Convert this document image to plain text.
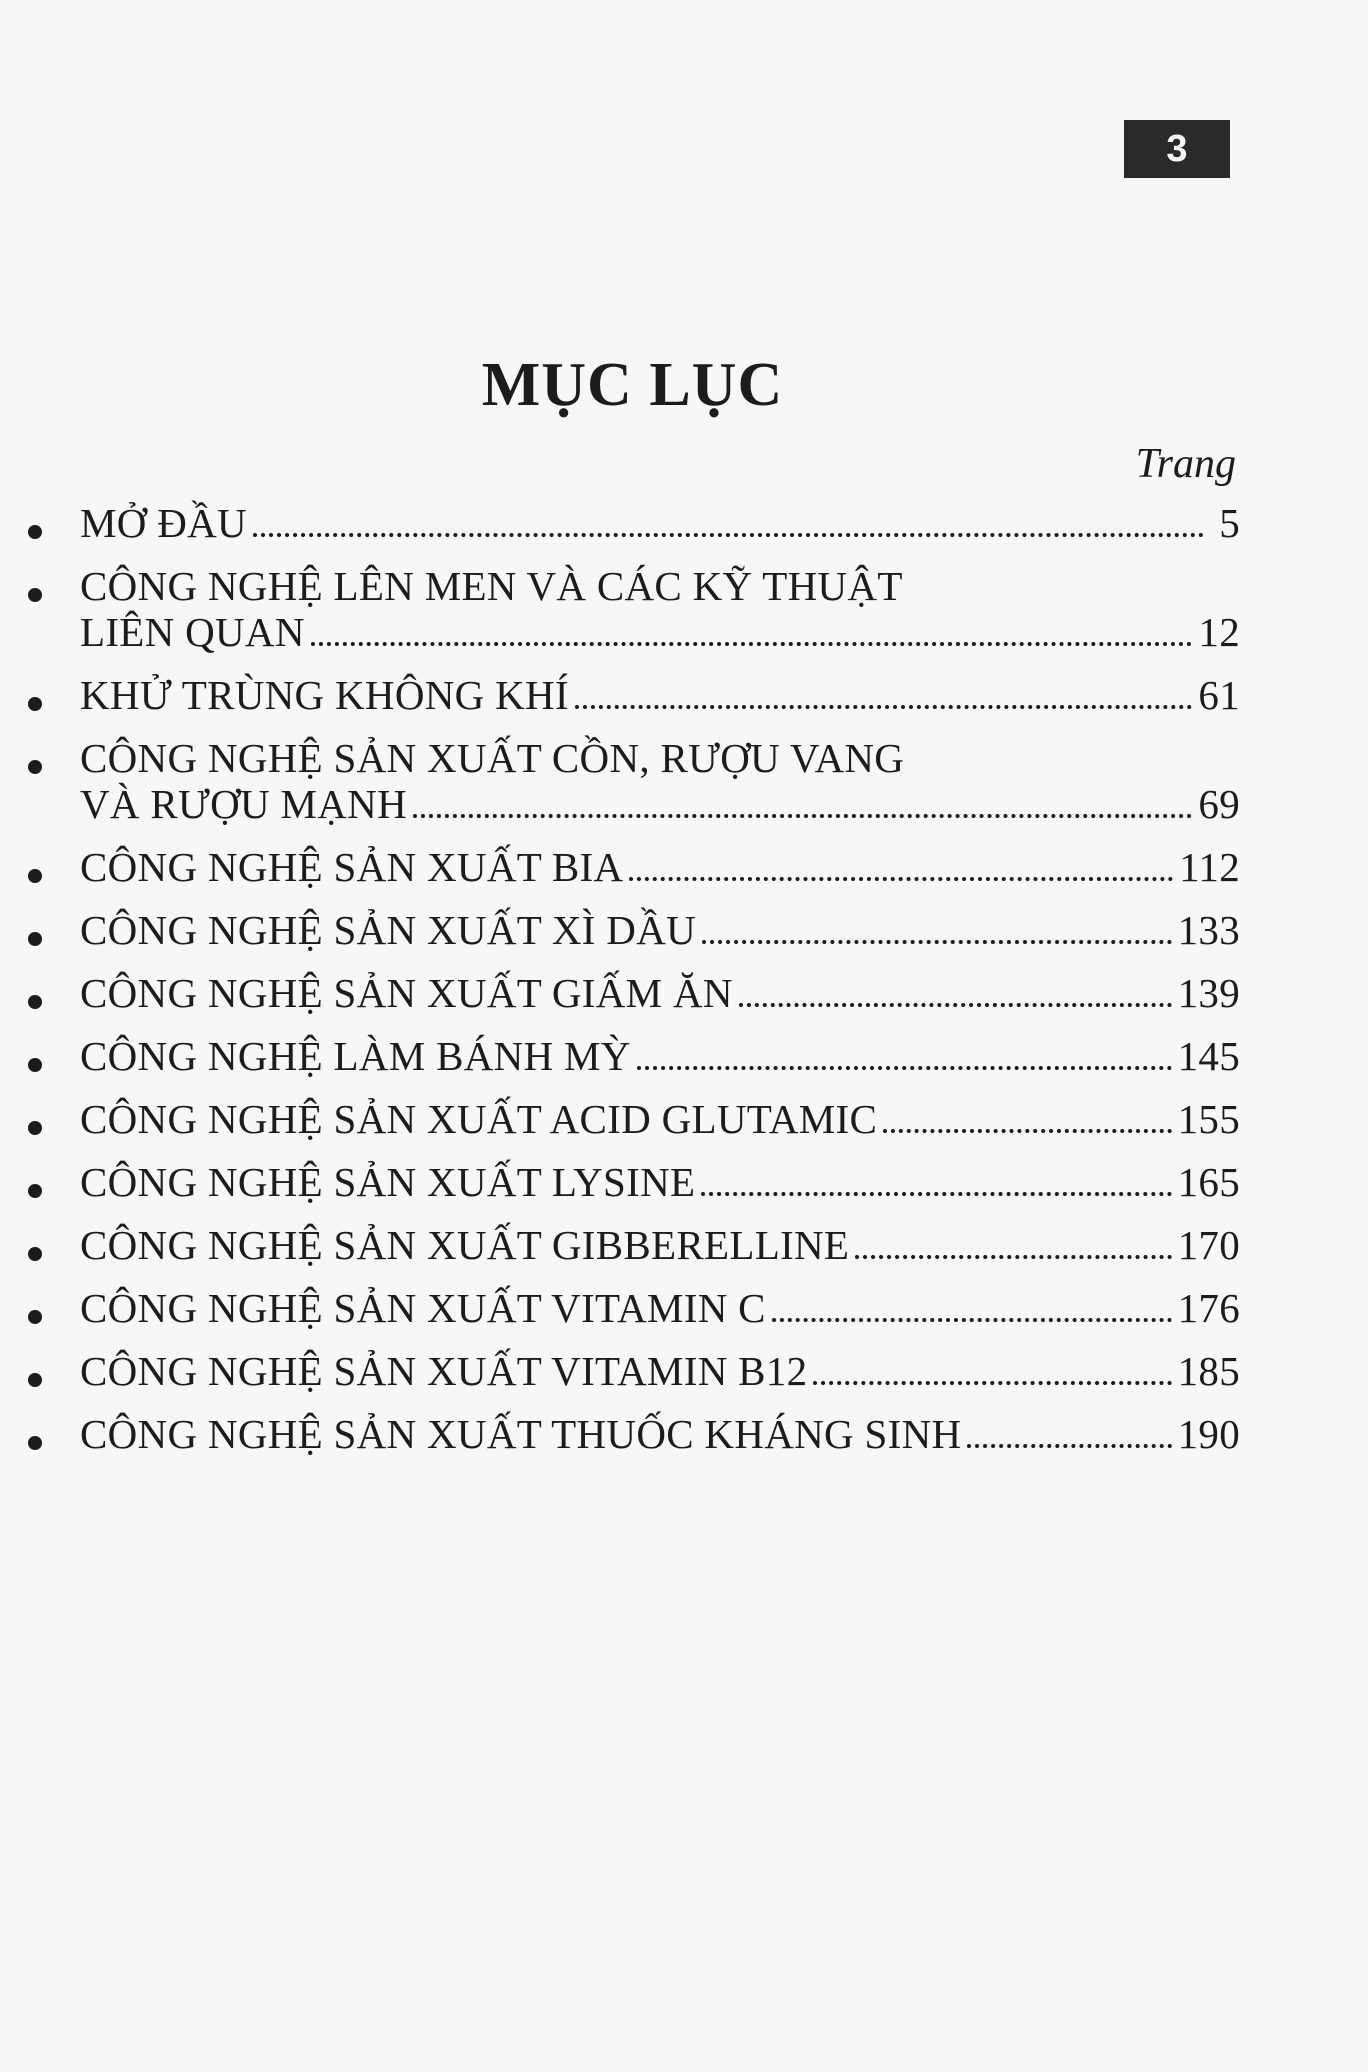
3
MỤC LỤC
Trang
MỞ ĐẦU	5
CÔNG NGHỆ LÊN MEN VÀ CÁC KỸ THUẬT
LIÊN QUAN	12
KHỬ TRÙNG KHÔNG KHÍ	61
CÔNG NGHỆ SẢN XUẤT CỒN, RƯỢU VANG
VÀ RƯỢU MẠNH	69
CÔNG NGHỆ SẢN XUẤT BIA	112
CÔNG NGHỆ SẢN XUẤT XÌ DẦU	133
CÔNG NGHỆ SẢN XUẤT GIẤM ĂN	139
CÔNG NGHỆ LÀM BÁNH MỲ	145
CÔNG NGHỆ SẢN XUẤT ACID GLUTAMIC	155
CÔNG NGHỆ SẢN XUẤT LYSINE	165
CÔNG NGHỆ SẢN XUẤT GIBBERELLINE	170
CÔNG NGHỆ SẢN XUẤT VITAMIN C	176
CÔNG NGHỆ SẢN XUẤT VITAMIN B12	185
CÔNG NGHỆ SẢN XUẤT THUỐC KHÁNG SINH	190
